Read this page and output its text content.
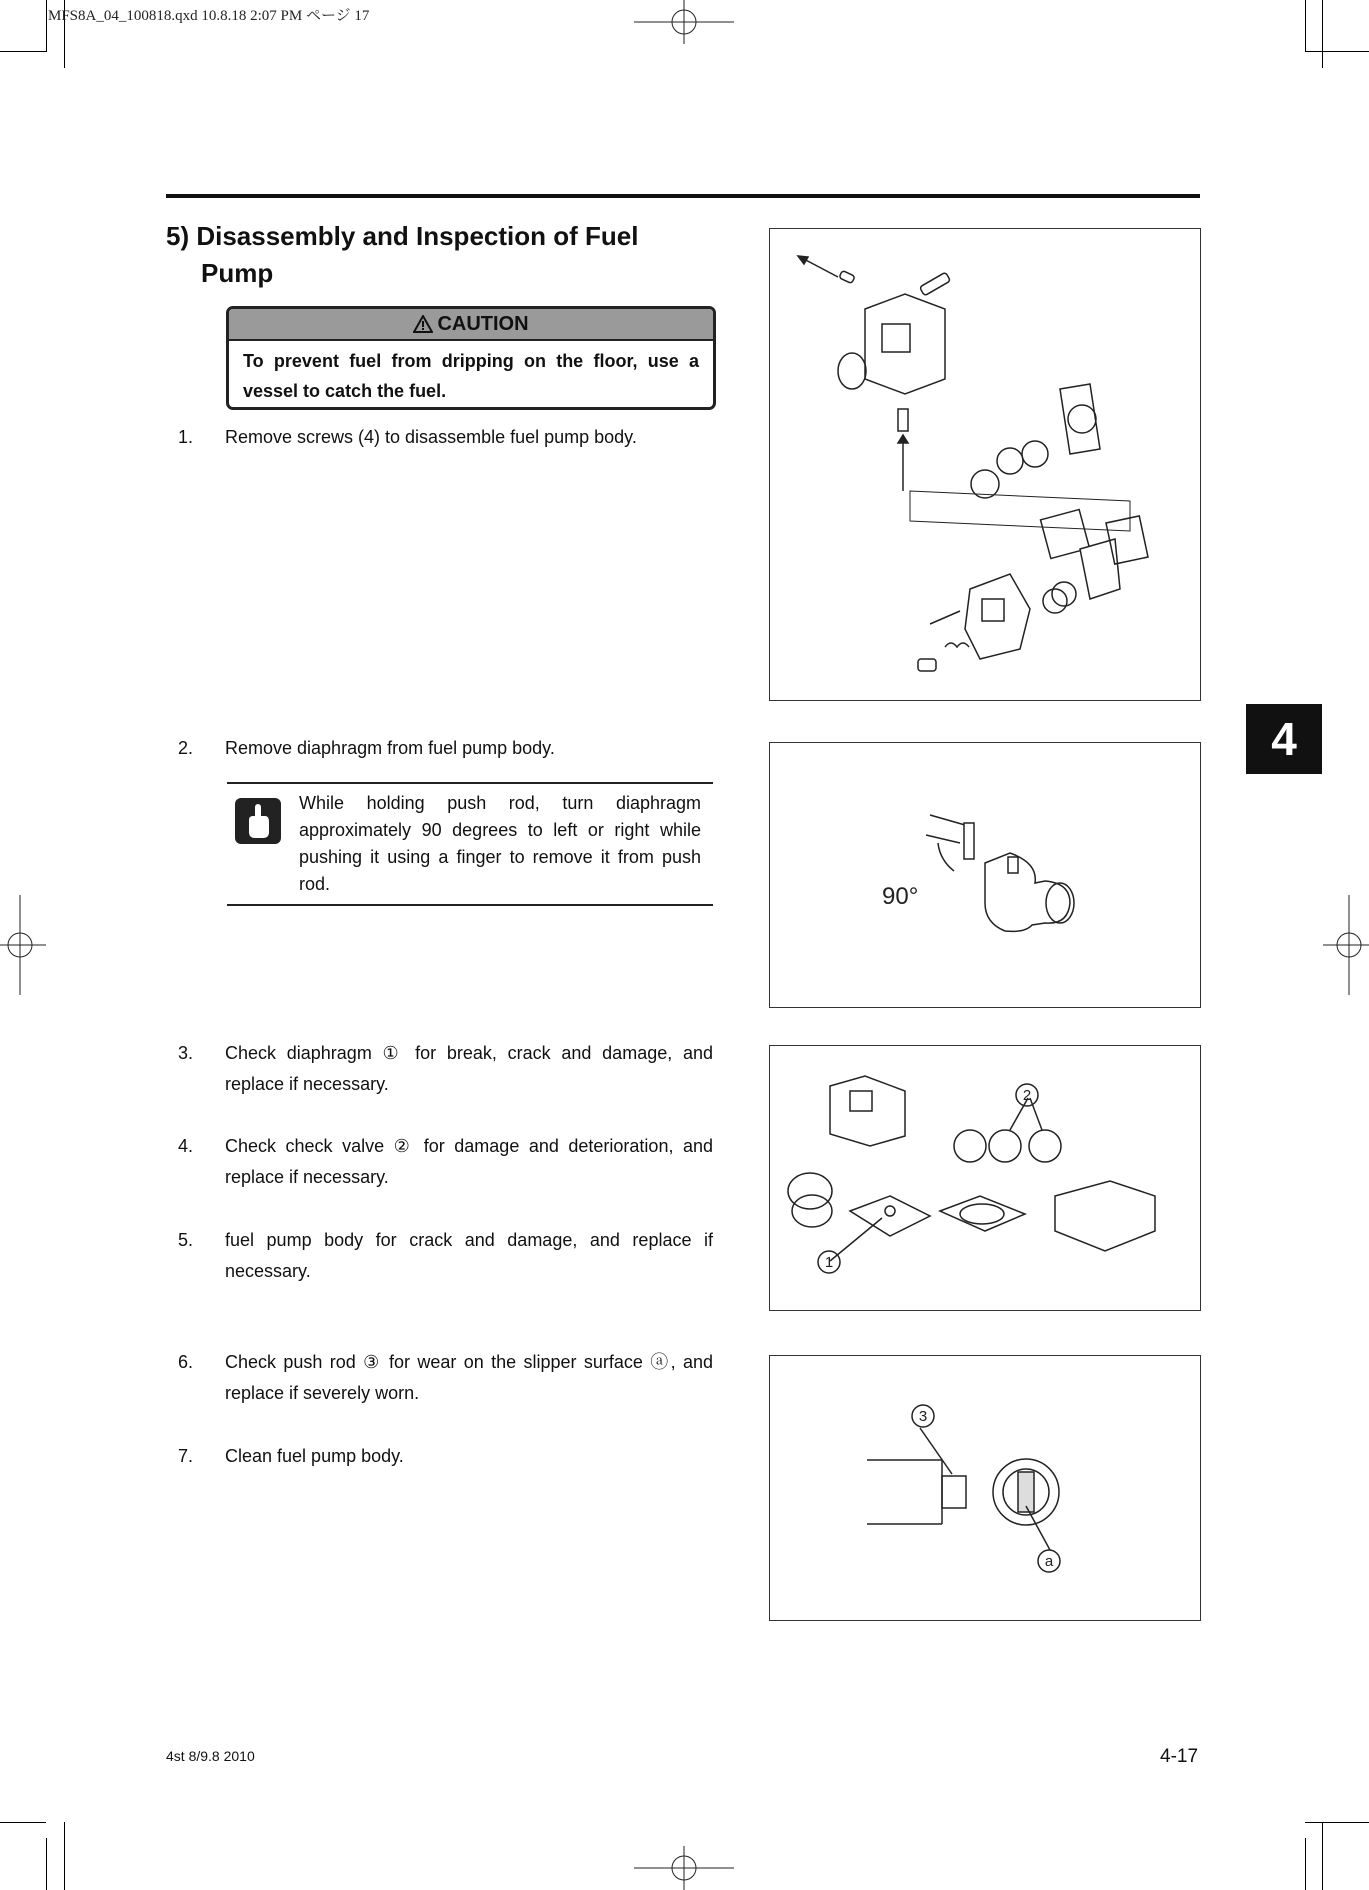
MFS8A_04_100818.qxd 10.8.18 2:07 PM ページ 17
5) Disassembly and Inspection of Fuel
Pump
CAUTION
To prevent fuel from dripping on the floor, use a vessel to catch the fuel.
1. Remove screws (4) to disassemble fuel pump body.
2. Remove diaphragm from fuel pump body.
While holding push rod, turn diaphragm approximately 90 degrees to left or right while pushing it using a finger to remove it from push rod.
3. Check diaphragm ① for break, crack and damage, and replace if necessary.
4. Check check valve ② for damage and deterioration, and replace if necessary.
5. fuel pump body for crack and damage, and replace if necessary.
6. Check push rod ③ for wear on the slipper surface ⓐ, and replace if severely worn.
7. Clean fuel pump body.
90°
2
1
3
a
4
4st 8/9.8 2010	4-17
